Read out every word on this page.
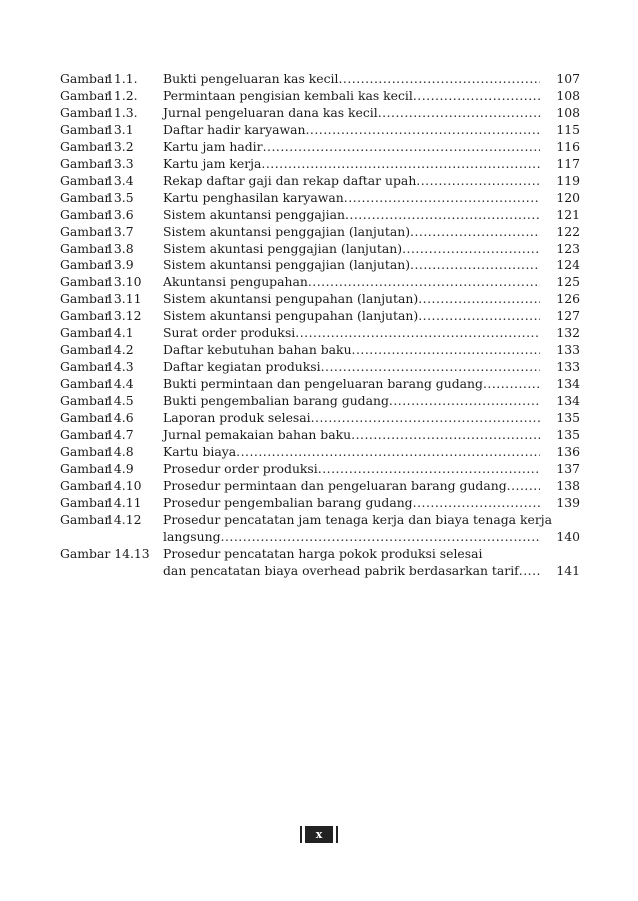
Gambar11.1.	Bukti pengeluaran kas kecil .....	107
Gambar11.2.	Permintaan pengisian kembali kas kecil .....	108
Gambar11.3.	Jurnal pengeluaran dana kas kecil .....	108
Gambar13.1	Daftar hadir karyawan .....	115
Gambar13.2	Kartu jam hadir .....	116
Gambar13.3	Kartu jam kerja .....	117
Gambar13.4	Rekap daftar gaji dan rekap daftar upah .....	119
Gambar13.5	Kartu penghasilan karyawan .....	120
Gambar13.6	Sistem akuntansi penggajian .....	121
Gambar13.7	Sistem akuntansi penggajian (lanjutan) .....	122
Gambar13.8	Sistem akuntasi penggajian (lanjutan) .....	123
Gambar13.9	Sistem akuntansi penggajian (lanjutan) .....	124
Gambar13.10	Akuntansi pengupahan .....	125
Gambar13.11	Sistem akuntansi pengupahan (lanjutan) .....	126
Gambar13.12	Sistem akuntansi pengupahan (lanjutan) .....	127
Gambar14.1	Surat order produksi .....	132
Gambar14.2	Daftar kebutuhan bahan baku .....	133
Gambar14.3	Daftar kegiatan produksi .....	133
Gambar14.4	Bukti permintaan dan pengeluaran barang gudang .....	134
Gambar14.5	Bukti pengembalian barang gudang .....	134
Gambar14.6	Laporan produk selesai .....	135
Gambar14.7	Jurnal pemakaian bahan baku .....	135
Gambar14.8	Kartu biaya .....	136
Gambar14.9	Prosedur order produksi .....	137
Gambar14.10	Prosedur permintaan dan pengeluaran barang gudang .....	138
Gambar14.11	Prosedur pengembalian barang gudang .....	139
Gambar14.12	Prosedur pencatatan jam tenaga kerja dan biaya tenaga kerja
langsung .....	140
Gambar 14.13	Prosedur pencatatan harga pokok produksi selesai
dan pencatatan biaya overhead pabrik berdasarkan tarif .....	141
x
